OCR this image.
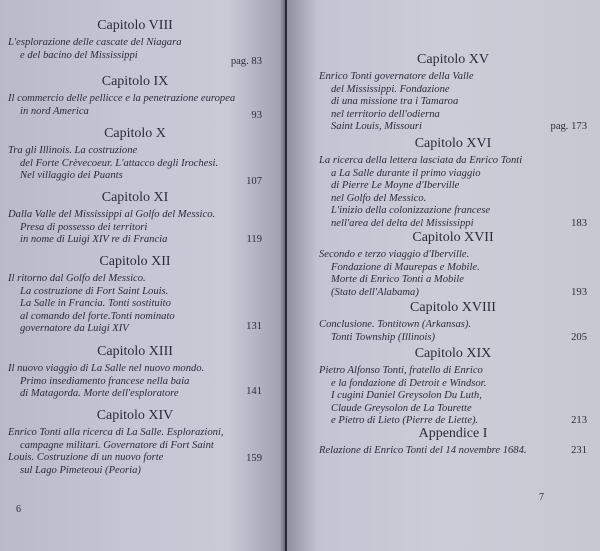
Capitolo VIII
L'esplorazione delle cascate del Niagara
e del bacino del Mississippi
pag. 83
Capitolo IX
Il commercio delle pellicce e la penetrazione europea
in nord America	93
Capitolo X
Tra gli Illinois. La costruzione
del Forte Crèvecoeur. L'attacco degli Irochesi.
Nel villaggio dei Puants
107
Capitolo XI
Dalla Valle del Mississippi al Golfo del Messico.
Presa di possesso dei territori
in nome di Luigi XIV re di Francia	119
Capitolo XII
Il ritorno dal Golfo del Messico.
La costruzione di Fort Saint Louis.
La Salle in Francia. Tonti sostituito
al comando del forte.Tonti nominato
governatore da Luigi XIV	131
Capitolo XIII
Il nuovo viaggio di La Salle nel nuovo mondo.
Primo insediamento francese nella baia
di Matagorda. Morte dell'esploratore	141
Capitolo XIV
Enrico Tonti alla ricerca di La Salle. Esplorazioni,
campagne militari. Governatore di Fort Saint
Louis. Costruzione di un nuovo forte
sul Lago Pimeteoui (Peoria)
159
6
Capitolo XV
Enrico Tonti governatore della Valle
del Mississippi. Fondazione
di una missione tra i Tamaroa
nel territorio dell'odierna
Saint Louis, Missouri	pag. 173
Capitolo XVI
La ricerca della lettera lasciata da Enrico Tonti
a La Salle durante il primo viaggio
di Pierre Le Moyne d'Iberville
nel Golfo del Messico.
L'inizio della colonizzazione francese
nell'area del delta del Mississippi	183
Capitolo XVII
Secondo e terzo viaggio d'Iberville.
Fondazione di Maurepas e Mobile.
Morte di Enrico Tonti a Mobile
(Stato dell'Alabama)	193
Capitolo XVIII
Conclusione. Tontitown (Arkansas).
Tonti Township (Illinois)	205
Capitolo XIX
Pietro Alfonso Tonti, fratello di Enrico
e la fondazione di Detroit e Windsor.
I cugini Daniel Greysolon Du Luth,
Claude Greysolon de La Tourette
e Pietro di Lieto (Pierre de Liette).	213
Appendice I
Relazione di Enrico Tonti del 14 novembre 1684.	231
7
